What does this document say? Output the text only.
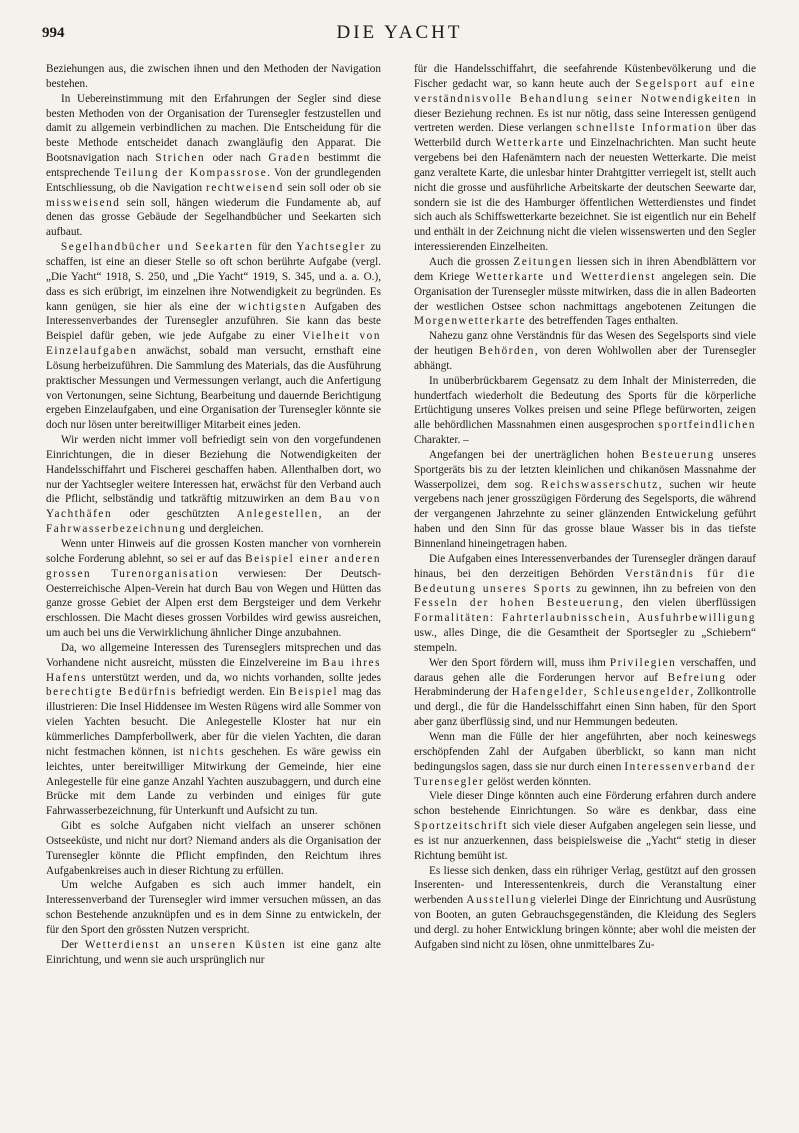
994	DIE YACHT

Beziehungen aus, die zwischen ihnen und den Methoden der Navigation bestehen.

In Uebereinstimmung mit den Erfahrungen der Segler sind diese besten Methoden von der Organisation der Turensegler festzustellen und damit zu allgemein verbindlichen zu machen. Die Entscheidung für die beste Methode entscheidet danach zwangläufig den Apparat. Die Bootsnavigation nach Strichen oder nach Graden bestimmt die entsprechende Teilung der Kompassrose. Von der grundlegenden Entschliessung, ob die Navigation rechtweisend sein soll oder ob sie missweisend sein soll, hängen wiederum die Fundamente ab, auf denen das grosse Gebäude der Segelhandbücher und Seekarten sich aufbaut.

Segelhandbücher und Seekarten für den Yachtsegler zu schaffen, ist eine an dieser Stelle so oft schon berührte Aufgabe (vergl. „Die Yacht“ 1918, S. 250, und „Die Yacht“ 1919, S. 345, und a. a. O.), dass es sich erübrigt, im einzelnen ihre Notwendigkeit zu begründen. Es kann genügen, sie hier als eine der wichtigsten Aufgaben des Interessenverbandes der Turensegler anzuführen. Sie kann das beste Beispiel dafür geben, wie jede Aufgabe zu einer Vielheit von Einzelaufgaben anwächst, sobald man versucht, ernsthaft eine Lösung herbeizuführen. Die Sammlung des Materials, das die Ausführung praktischer Messungen und Vermessungen verlangt, auch die Anfertigung von Vertonungen, seine Sichtung, Bearbeitung und dauernde Berichtigung ergeben Einzelaufgaben, und eine Organisation der Turensegler könnte sie doch nur lösen unter bereitwilliger Mitarbeit eines jeden.

Wir werden nicht immer voll befriedigt sein von den vorgefundenen Einrichtungen, die in dieser Beziehung die Notwendigkeiten der Handelsschiffahrt und Fischerei geschaffen haben. Allenthalben dort, wo nur der Yachtsegler weitere Interessen hat, erwächst für den Verband auch die Pflicht, selbständig und tatkräftig mitzuwirken an dem Bau von Yachthäfen oder geschützten Anlegestellen, an der Fahrwasserbezeichnung und dergleichen.

Wenn unter Hinweis auf die grossen Kosten mancher von vornherein solche Forderung ablehnt, so sei er auf das Beispiel einer anderen grossen Turenorganisation verwiesen: Der Deutsch-Oesterreichische Alpen-Verein hat durch Bau von Wegen und Hütten das ganze grosse Gebiet der Alpen erst dem Bergsteiger und dem Verkehr erschlossen. Die Macht dieses grossen Vorbildes wird gewiss ausreichen, um auch bei uns die Verwirklichung ähnlicher Dinge anzubahnen.

Da, wo allgemeine Interessen des Turenseglers mitsprechen und das Vorhandene nicht ausreicht, müssten die Einzelvereine im Bau ihres Hafens unterstützt werden, und da, wo nichts vorhanden, sollte jedes berechtigte Bedürfnis befriedigt werden. Ein Beispiel mag das illustrieren: Die Insel Hiddensee im Westen Rügens wird alle Sommer von vielen Yachten besucht. Die Anlegestelle Kloster hat nur ein kümmerliches Dampferbollwerk, aber für die vielen Yachten, die daran nicht festmachen können, ist nichts geschehen. Es wäre gewiss ein leichtes, unter bereitwilliger Mitwirkung der Gemeinde, hier eine Anlegestelle für eine ganze Anzahl Yachten auszubaggern, und durch eine Brücke mit dem Lande zu verbinden und einiges für gute Fahrwasserbezeichnung, für Unterkunft und Aufsicht zu tun.

Gibt es solche Aufgaben nicht vielfach an unserer schönen Ostseeküste, und nicht nur dort? Niemand anders als die Organisation der Turensegler könnte die Pflicht empfinden, den Reichtum ihres Aufgabenkreises auch in dieser Richtung zu erfüllen.

Um welche Aufgaben es sich auch immer handelt, ein Interessenverband der Turensegler wird immer versuchen müssen, an das schon Bestehende anzuknüpfen und es in dem Sinne zu entwickeln, der für den Sport den grössten Nutzen verspricht.

Der Wetterdienst an unseren Küsten ist eine ganz alte Einrichtung, und wenn sie auch ursprünglich nur

für die Handelsschiffahrt, die seefahrende Küstenbevölkerung und die Fischer gedacht war, so kann heute auch der Segelsport auf eine verständnisvolle Behandlung seiner Notwendigkeiten in dieser Beziehung rechnen. Es ist nur nötig, dass seine Interessen genügend vertreten werden. Diese verlangen schnellste Information über das Wetterbild durch Wetterkarte und Einzelnachrichten. Man sucht heute vergebens bei den Hafenämtern nach der neuesten Wetterkarte. Die meist ganz veraltete Karte, die unlesbar hinter Drahtgitter verriegelt ist, stellt auch nicht die grosse und ausführliche Arbeitskarte der deutschen Seewarte dar, sondern sie ist die des Hamburger öffentlichen Wetterdienstes und findet sich auch als Schiffswetterkarte bezeichnet. Sie ist eigentlich nur ein Behelf und enthält in der Zeichnung nicht die vielen wissenswerten und den Segler interessierenden Einzelheiten.

Auch die grossen Zeitungen liessen sich in ihren Abendblättern vor dem Kriege Wetterkarte und Wetterdienst angelegen sein. Die Organisation der Turensegler müsste mitwirken, dass die in allen Badeorten der westlichen Ostsee schon nachmittags angebotenen Zeitungen die Morgenwetterkarte des betreffenden Tages enthalten.

Nahezu ganz ohne Verständnis für das Wesen des Segelsports sind viele der heutigen Behörden, von deren Wohlwollen aber der Turensegler abhängt.

In unüberbrückbarem Gegensatz zu dem Inhalt der Ministerreden, die hundertfach wiederholt die Bedeutung des Sports für die körperliche Ertüchtigung unseres Volkes preisen und seine Pflege befürworten, zeigen alle behördlichen Massnahmen einen ausgesprochen sportfeindlichen Charakter. –

Angefangen bei der unerträglichen hohen Besteuerung unseres Sportgeräts bis zu der letzten kleinlichen und chikanösen Massnahme der Wasserpolizei, dem sog. Reichswasserschutz, suchen wir heute vergebens nach jener grosszügigen Förderung des Segelsports, die während der vergangenen Jahrzehnte zu seiner glänzenden Entwickelung geführt haben und den Sinn für das grosse blaue Wasser bis in das tiefste Binnenland hineingetragen haben.

Die Aufgaben eines Interessenverbandes der Turensegler drängen darauf hinaus, bei den derzeitigen Behörden Verständnis für die Bedeutung unseres Sports zu gewinnen, ihn zu befreien von den Fesseln der hohen Besteuerung, den vielen überflüssigen Formalitäten: Fahrterlaubnisschein, Ausfuhrbewilligung usw., alles Dinge, die die Gesamtheit der Sportsegler zu „Schiebern“ stempeln.

Wer den Sport fördern will, muss ihm Privilegien verschaffen, und daraus gehen alle die Forderungen hervor auf Befreiung oder Herabminderung der Hafengelder, Schleusengelder, Zollkontrolle und dergl., die für die Handelsschiffahrt einen Sinn haben, für den Sport aber ganz überflüssig sind, und nur Hemmungen bedeuten.

Wenn man die Fülle der hier angeführten, aber noch keineswegs erschöpfenden Zahl der Aufgaben überblickt, so kann man nicht bedingungslos sagen, dass sie nur durch einen Interessenverband der Turensegler gelöst werden könnten.

Viele dieser Dinge könnten auch eine Förderung erfahren durch andere schon bestehende Einrichtungen. So wäre es denkbar, dass eine Sportzeitschrift sich viele dieser Aufgaben angelegen sein liesse, und es ist nur anzuerkennen, dass beispielsweise die „Yacht“ stetig in dieser Richtung bemüht ist.

Es liesse sich denken, dass ein rühriger Verlag, gestützt auf den grossen Inserenten- und Interessentenkreis, durch die Veranstaltung einer werbenden Ausstellung vielerlei Dinge der Einrichtung und Ausrüstung von Booten, an guten Gebrauchsgegenständen, die Kleidung des Seglers und dergl. zu hoher Entwicklung bringen könnte; aber wohl die meisten der Aufgaben sind nicht zu lösen, ohne unmittelbares Zu-
